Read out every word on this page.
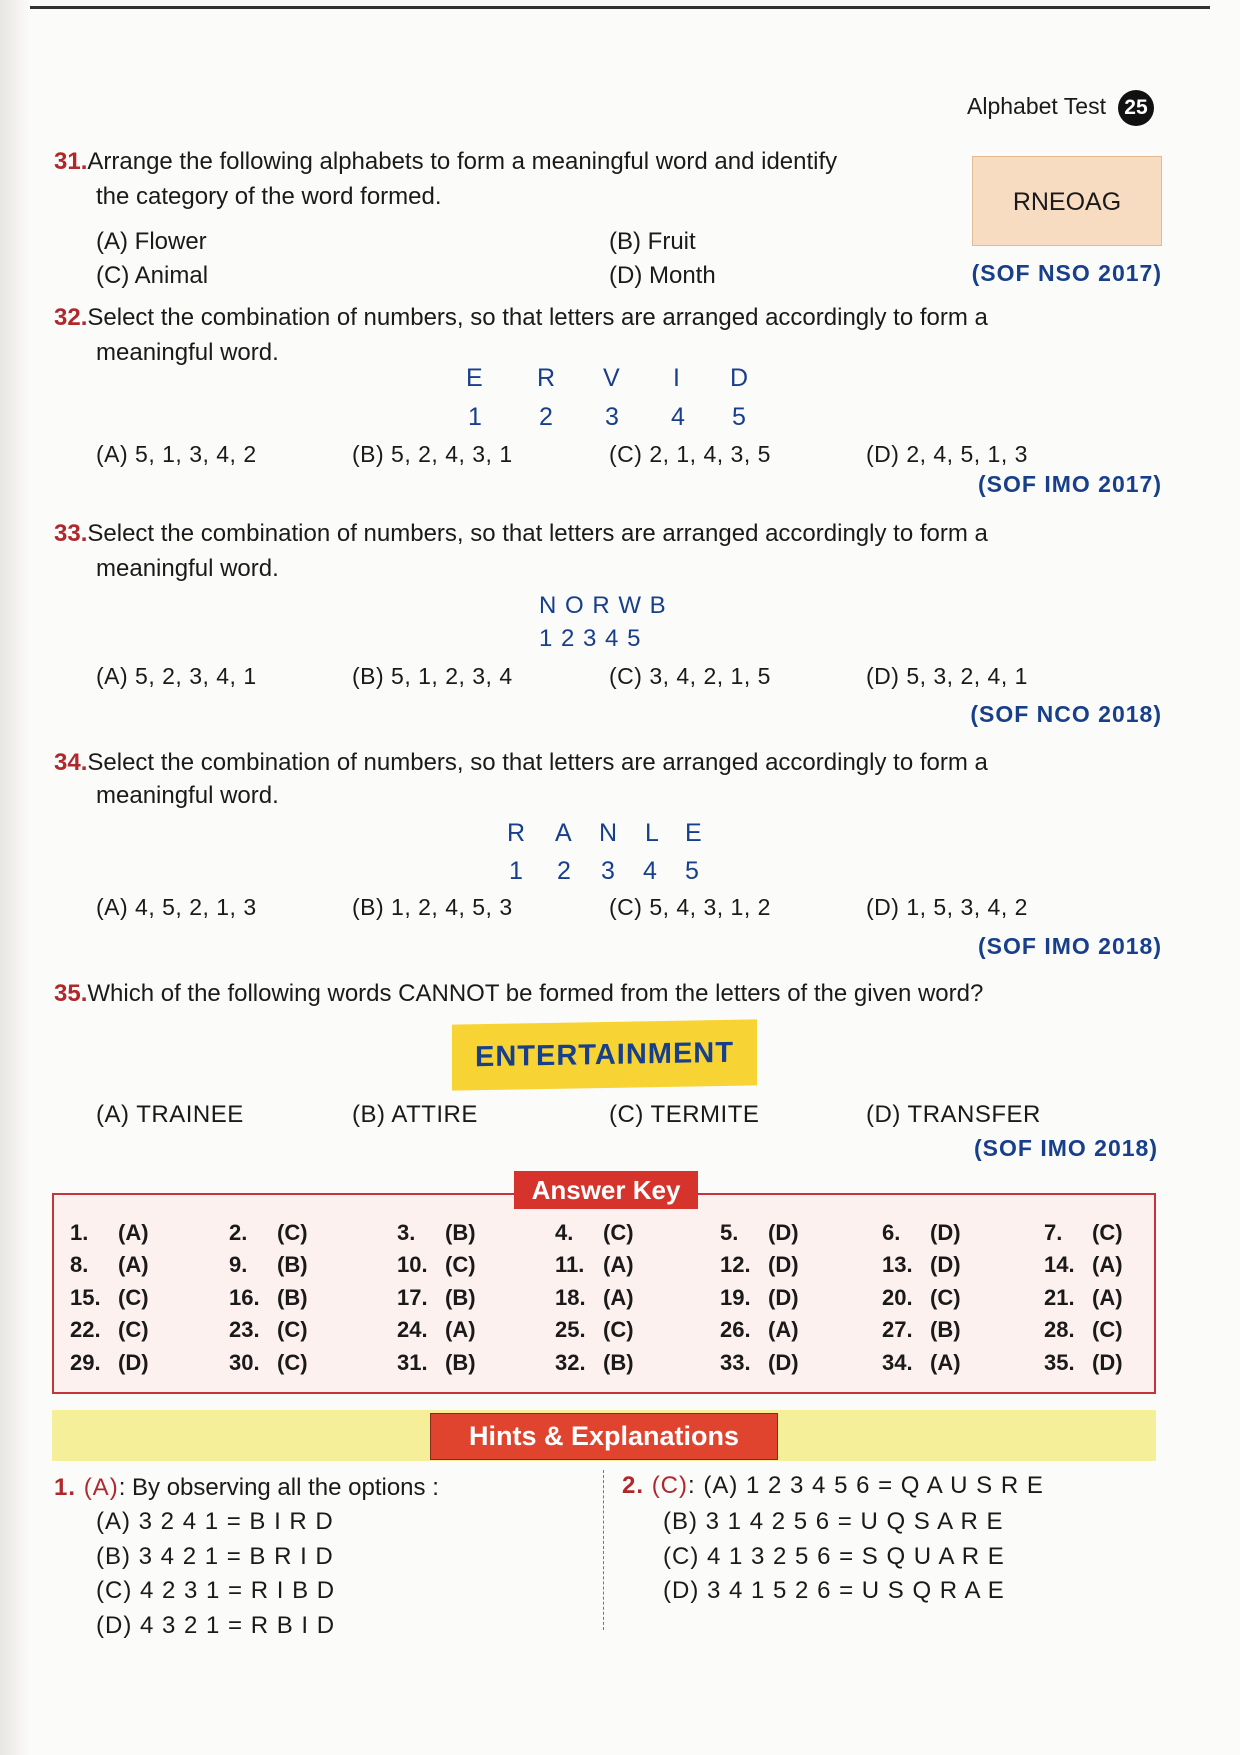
Alphabet Test 25
31.Arrange the following alphabets to form a meaningful word and identify
the category of the word formed.	RNEOAG
(A) Flower	(B) Fruit
(C) Animal	(D) Month	(SOF NSO 2017)
32.Select the combination of numbers, so that letters are arranged accordingly to form a
meaningful word.
E R V I D
1 2 3 4 5
(A) 5, 1, 3, 4, 2	(B) 5, 2, 4, 3, 1	(C) 2, 1, 4, 3, 5	(D) 2, 4, 5, 1, 3
(SOF IMO 2017)
33.Select the combination of numbers, so that letters are arranged accordingly to form a
meaningful word.
N O R W B
1 2 3 4 5
(A) 5, 2, 3, 4, 1	(B) 5, 1, 2, 3, 4	(C) 3, 4, 2, 1, 5	(D) 5, 3, 2, 4, 1
(SOF NCO 2018)
34.Select the combination of numbers, so that letters are arranged accordingly to form a
meaningful word.
R A N L E
1 2 3 4 5
(A) 4, 5, 2, 1, 3	(B) 1, 2, 4, 5, 3	(C) 5, 4, 3, 1, 2	(D) 1, 5, 3, 4, 2
(SOF IMO 2018)
35.Which of the following words CANNOT be formed from the letters of the given word?
ENTERTAINMENT
(A) TRAINEE	(B) ATTIRE	(C) TERMITE	(D) TRANSFER
(SOF IMO 2018)
Answer Key
1. (A)	2. (C)	3. (B)	4. (C)	5. (D)	6. (D)	7. (C)
8. (A)	9. (B)	10. (C)	11. (A)	12. (D)	13. (D)	14. (A)
15. (C)	16. (B)	17. (B)	18. (A)	19. (D)	20. (C)	21. (A)
22. (C)	23. (C)	24. (A)	25. (C)	26. (A)	27. (B)	28. (C)
29. (D)	30. (C)	31. (B)	32. (B)	33. (D)	34. (A)	35. (D)
Hints & Explanations
1. (A): By observing all the options :
(A) 3 2 4 1 = B I R D
(B) 3 4 2 1 = B R I D
(C) 4 2 3 1 = R I B D
(D) 4 3 2 1 = R B I D
2. (C): (A) 1 2 3 4 5 6 = Q A U S R E
(B) 3 1 4 2 5 6 = U Q S A R E
(C) 4 1 3 2 5 6 = S Q U A R E
(D) 3 4 1 5 2 6 = U S Q R A E
